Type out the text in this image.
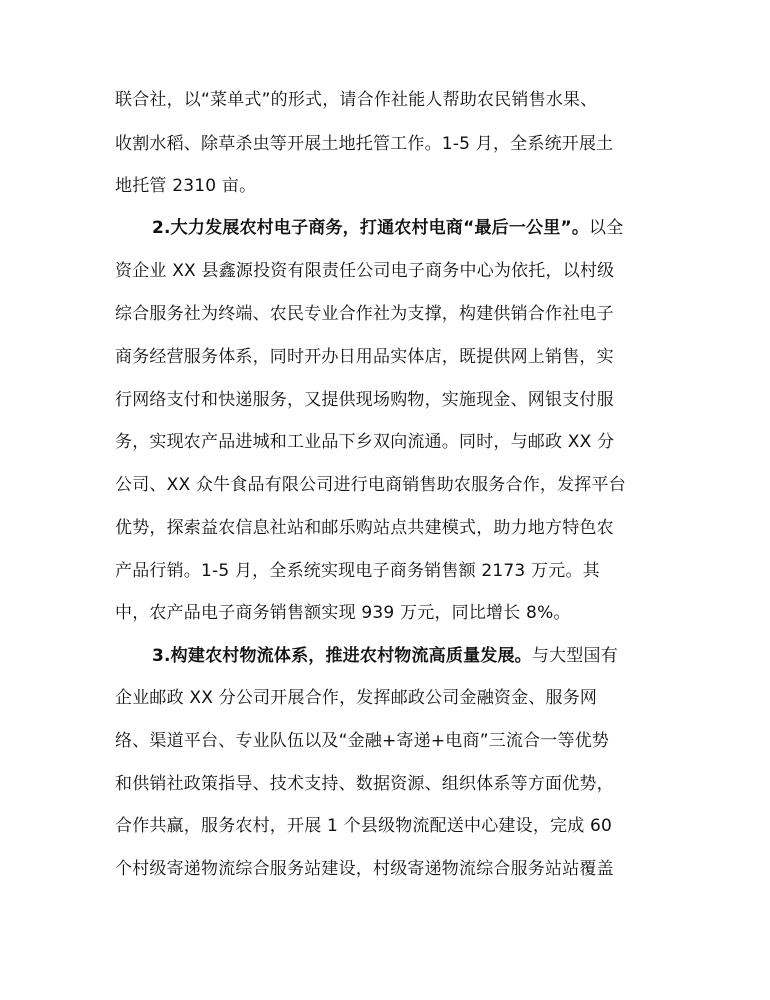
联合社，以“菜单式”的形式，请合作社能人帮助农民销售水果、
收割水稻、除草杀虫等开展土地托管工作。1-5 月，全系统开展土
地托管 2310 亩。
2.大力发展农村电子商务，打通农村电商“最后一公里”。以全
资企业 XX 县鑫源投资有限责任公司电子商务中心为依托，以村级
综合服务社为终端、农民专业合作社为支撑，构建供销合作社电子
商务经营服务体系，同时开办日用品实体店，既提供网上销售，实
行网络支付和快递服务，又提供现场购物，实施现金、网银支付服
务，实现农产品进城和工业品下乡双向流通。同时，与邮政 XX 分
公司、XX 众牛食品有限公司进行电商销售助农服务合作，发挥平台
优势，探索益农信息社站和邮乐购站点共建模式，助力地方特色农
产品行销。1-5 月，全系统实现电子商务销售额 2173 万元。其
中，农产品电子商务销售额实现 939 万元，同比增长 8%。
3.构建农村物流体系，推进农村物流高质量发展。与大型国有
企业邮政 XX 分公司开展合作，发挥邮政公司金融资金、服务网
络、渠道平台、专业队伍以及“金融+寄递+电商”三流合一等优势
和供销社政策指导、技术支持、数据资源、组织体系等方面优势，
合作共赢，服务农村，开展 1 个县级物流配送中心建设，完成 60
个村级寄递物流综合服务站建设，村级寄递物流综合服务站站覆盖
